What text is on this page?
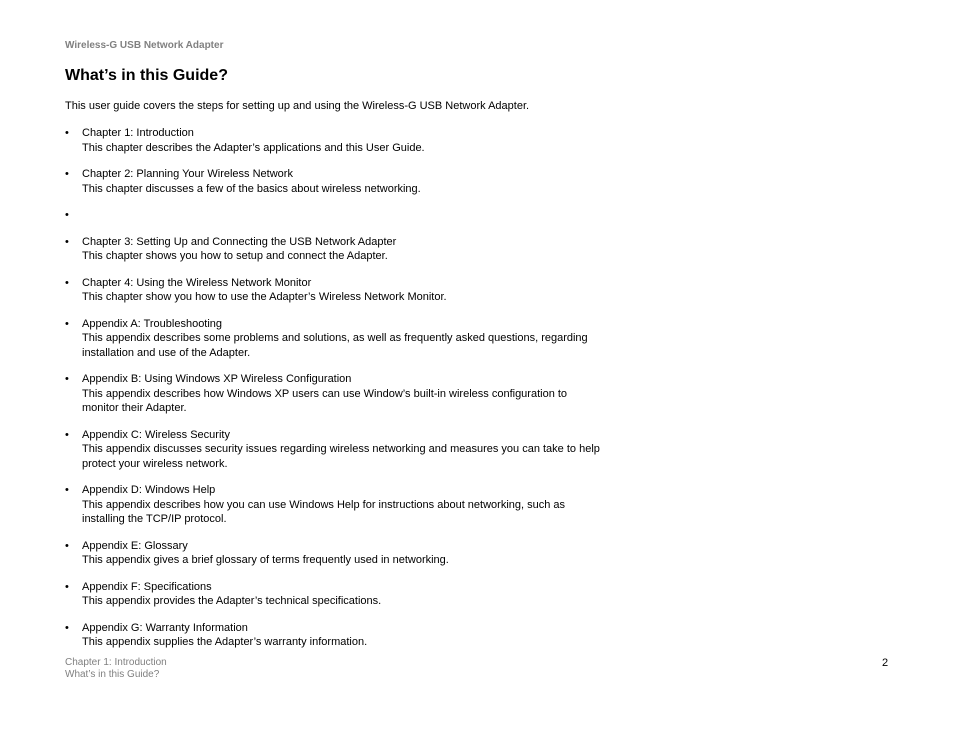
Wireless-G USB Network Adapter
What’s in this Guide?

This user guide covers the steps for setting up and using the Wireless-G USB Network Adapter.

• Chapter 1: Introduction
This chapter describes the Adapter’s applications and this User Guide.
• Chapter 2: Planning Your Wireless Network
This chapter discusses a few of the basics about wireless networking.
•
• Chapter 3: Setting Up and Connecting the USB Network Adapter
This chapter shows you how to setup and connect the Adapter.
• Chapter 4: Using the Wireless Network Monitor
This chapter show you how to use the Adapter’s Wireless Network Monitor.
• Appendix A: Troubleshooting
This appendix describes some problems and solutions, as well as frequently asked questions, regarding installation and use of the Adapter.
• Appendix B: Using Windows XP Wireless Configuration
This appendix describes how Windows XP users can use Window’s built-in wireless configuration to monitor their Adapter.
• Appendix C: Wireless Security
This appendix discusses security issues regarding wireless networking and measures you can take to help protect your wireless network.
• Appendix D: Windows Help
This appendix describes how you can use Windows Help for instructions about networking, such as installing the TCP/IP protocol.
• Appendix E: Glossary
This appendix gives a brief glossary of terms frequently used in networking.
• Appendix F: Specifications
This appendix provides the Adapter’s technical specifications.
• Appendix G: Warranty Information
This appendix supplies the Adapter’s warranty information.
Chapter 1: Introduction
What’s in this Guide?
2
